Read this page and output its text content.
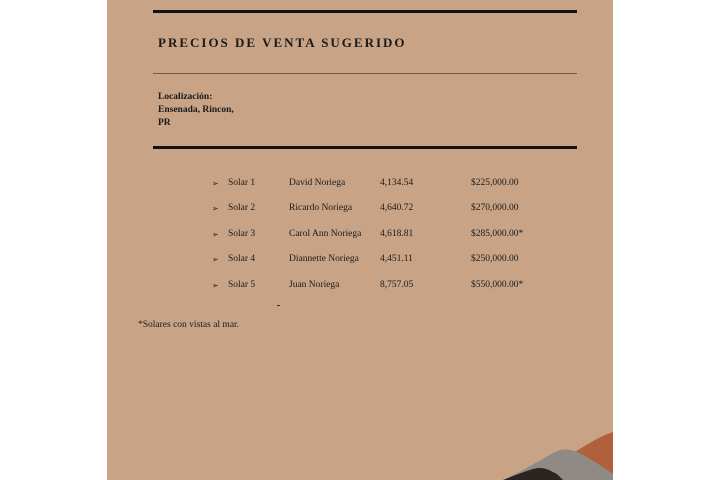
PRECIOS DE VENTA SUGERIDO
Localización:
Ensenada, Rincon,
PR
➢ Solar 1	David Noriega	4,134.54	$225,000.00
➢ Solar 2	Ricardo Noriega	4,640.72	$270,000.00
➢ Solar 3	Carol Ann Noriega 4,618.81	$285,000.00*
➢ Solar 4	Diannette Noriega 4,451.11	$250,000.00
➢ Solar 5	Juan Noriega	8,757.05	$550,000.00*
*Solares con vistas al mar.
